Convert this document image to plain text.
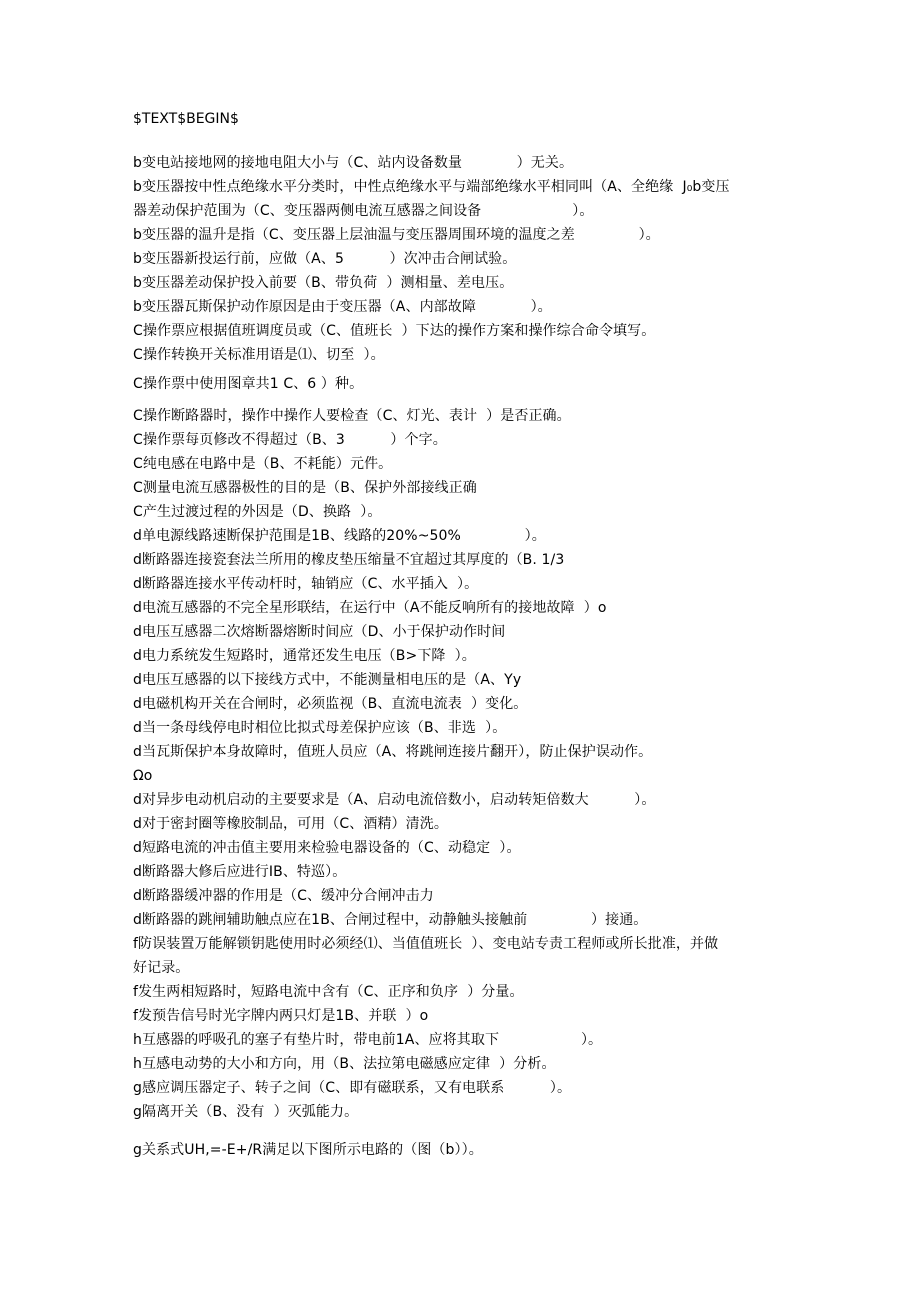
$TEXT$BEGIN$
b变电站接地网的接地电阻大小与（C、站内设备数量            ）无关。
b变压器按中性点绝缘水平分类时，中性点绝缘水平与端部绝缘水平相同叫（A、全绝缘  J₀b变压
器差动保护范围为（C、变压器两侧电流互感器之间设备                    ）。
b变压器的温升是指（C、变压器上层油温与变压器周围环境的温度之差              ）。
b变压器新投运行前，应做（A、5          ）次冲击合闸试验。
b变压器差动保护投入前要（B、带负荷  ）测相量、差电压。
b变压器瓦斯保护动作原因是由于变压器（A、内部故障            ）。
C操作票应根据值班调度员或（C、值班长  ）下达的操作方案和操作综合命令填写。
C操作转换开关标准用语是⑴、切至  ）。
C操作票中使用图章共1 C、6 ）种。
C操作断路器时，操作中操作人要检查（C、灯光、表计  ）是否正确。
C操作票每页修改不得超过（B、3          ）个字。
C纯电感在电路中是（B、不耗能）元件。
C测量电流互感器极性的目的是（B、保护外部接线正确
C产生过渡过程的外因是（D、换路  ）。
d单电源线路速断保护范围是1B、线路的20%~50%              ）。
d断路器连接瓷套法兰所用的橡皮垫压缩量不宜超过其厚度的（B. 1/3
d断路器连接水平传动杆时，轴销应（C、水平插入  ）。
d电流互感器的不完全星形联结，在运行中（A不能反响所有的接地故障  ）o
d电压互感器二次熔断器熔断时间应（D、小于保护动作时间
d电力系统发生短路时，通常还发生电压（B>下降  ）。
d电压互感器的以下接线方式中，不能测量相电压的是（A、Yy
d电磁机构开关在合闸时，必须监视（B、直流电流表  ）变化。
d当一条母线停电时相位比拟式母差保护应该（B、非选  ）。
d当瓦斯保护本身故障时，值班人员应（A、将跳闸连接片翻开），防止保护误动作。
Ωo
d对异步电动机启动的主要要求是（A、启动电流倍数小，启动转矩倍数大          ）。
d对于密封圈等橡胶制品，可用（C、酒精）清洗。
d短路电流的冲击值主要用来检验电器设备的（C、动稳定  ）。
d断路器大修后应进行IB、特巡）。
d断路器缓冲器的作用是（C、缓冲分合闸冲击力
d断路器的跳闸辅助触点应在1B、合闸过程中，动静触头接触前              ）接通。
f防误装置万能解锁钥匙使用时必须经⑴、当值值班长  ）、变电站专责工程师或所长批准，并做
好记录。
f发生两相短路时，短路电流中含有（C、正序和负序  ）分量。
f发预告信号时光字牌内两只灯是1B、并联  ）o
h互感器的呼吸孔的塞子有垫片时，带电前1A、应将其取下                  ）。
h互感电动势的大小和方向，用（B、法拉第电磁感应定律  ）分析。
g感应调压器定子、转子之间（C、即有磁联系，又有电联系          ）。
g隔离开关（B、没有  ）灭弧能力。
g关系式UH,=-E+/R满足以下图所示电路的（图（b））。
